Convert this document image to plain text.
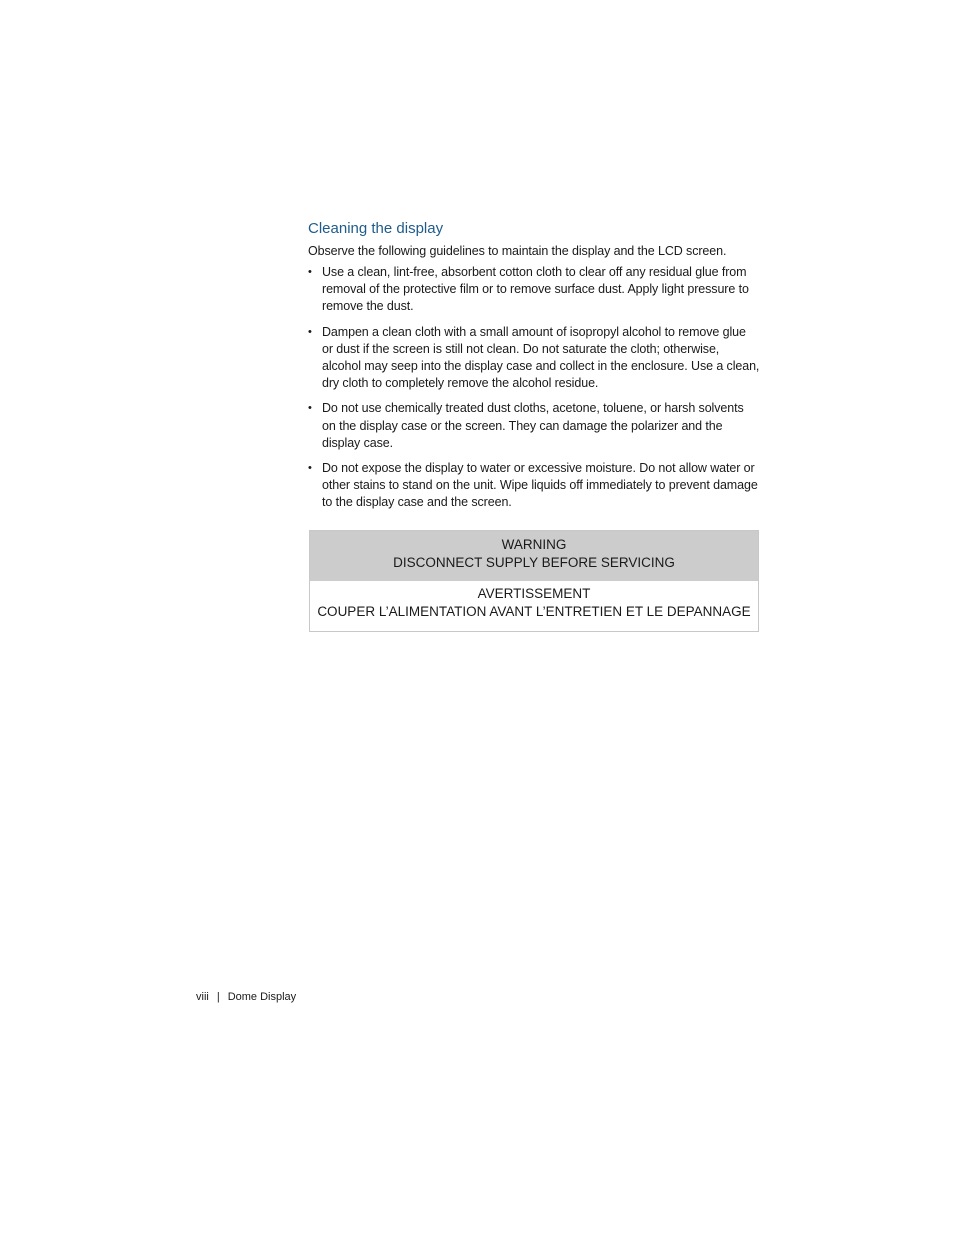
Cleaning the display

Observe the following guidelines to maintain the display and the LCD screen.

• Use a clean, lint-free, absorbent cotton cloth to clear off any residual glue from removal of the protective film or to remove surface dust. Apply light pressure to remove the dust.
• Dampen a clean cloth with a small amount of isopropyl alcohol to remove glue or dust if the screen is still not clean. Do not saturate the cloth; otherwise, alcohol may seep into the display case and collect in the enclosure. Use a clean, dry cloth to completely remove the alcohol residue.
• Do not use chemically treated dust cloths, acetone, toluene, or harsh solvents on the display case or the screen. They can damage the polarizer and the display case.
• Do not expose the display to water or excessive moisture. Do not allow water or other stains to stand on the unit. Wipe liquids off immediately to prevent damage to the display case and the screen.
WARNING
DISCONNECT SUPPLY BEFORE SERVICING
AVERTISSEMENT
COUPER L’ALIMENTATION AVANT L’ENTRETIEN ET LE DEPANNAGE
viii | Dome Display
